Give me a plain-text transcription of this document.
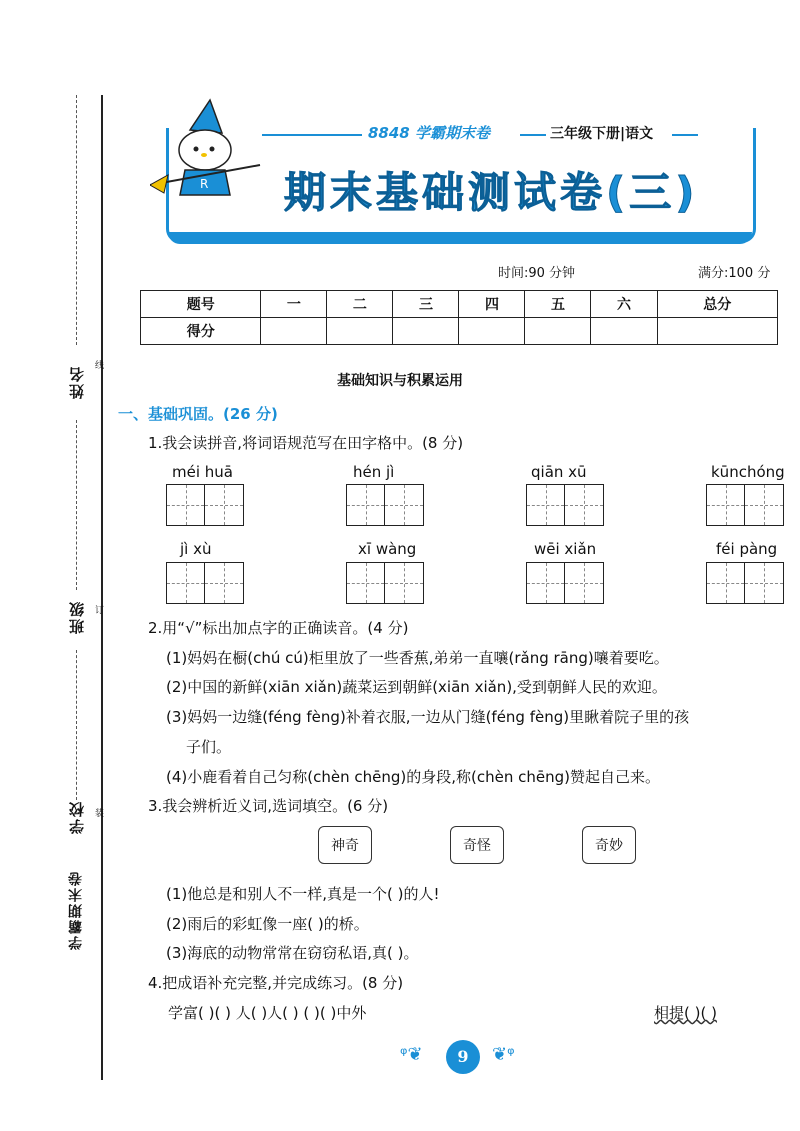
姓名
班级
学校
学霸期末卷
线
订
装
R
8848 学霸期末卷	三年级下册|语文
期末基础测试卷(三)
时间:90 分钟	满分:100 分
题号	一	二	三	四	五	六	总分
得分							
基础知识与积累运用
一、基础巩固。(26 分)
1.我会读拼音,将词语规范写在田字格中。(8 分)
méi huā	hén jì	qiān xū	kūnchóng
jì xù	xī wàng	wēi xiǎn	féi pàng
2.用“√”标出加点字的正确读音。(4 分)
(1)妈妈在橱(chú cú)柜里放了一些香蕉,弟弟一直嚷(rǎng rāng)嚷着要吃。
(2)中国的新鲜(xiān xiǎn)蔬菜运到朝鲜(xiān xiǎn),受到朝鲜人民的欢迎。
(3)妈妈一边缝(féng fèng)补着衣服,一边从门缝(féng fèng)里瞅着院子里的孩
子们。
(4)小鹿看着自己匀称(chèn chēng)的身段,称(chèn chēng)赞起自己来。
3.我会辨析近义词,选词填空。(6 分)
神奇	奇怪	奇妙
(1)他总是和别人不一样,真是一个( )的人!
(2)雨后的彩虹像一座( )的桥。
(3)海底的动物常常在窃窃私语,真( )。
4.把成语补充完整,并完成练习。(8 分)
学富( )( ) 人( )人( ) ( )( )中外	相提( )( )
ᵠ❦	9	❦ᵠ
